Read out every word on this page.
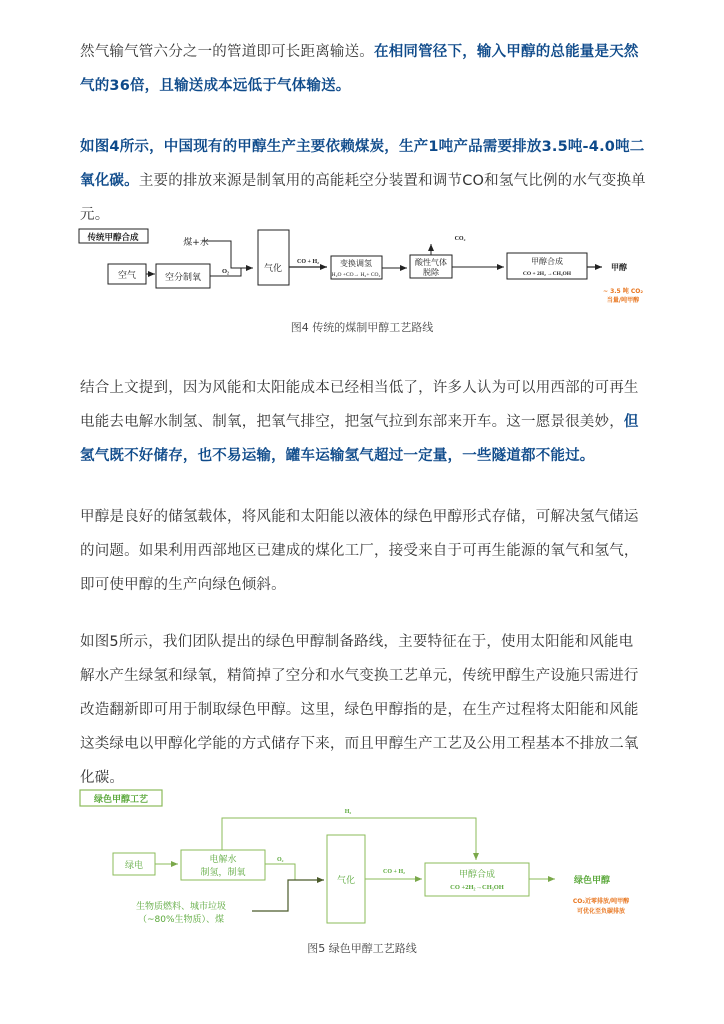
然气输气管六分之一的管道即可长距离输送。在相同管径下，输入甲醇的总能量是天然气的36倍，且输送成本远低于气体输送。
如图4所示，中国现有的甲醇生产主要依赖煤炭，生产1吨产品需要排放3.5吨-4.0吨二氧化碳。主要的排放来源是制氧用的高能耗空分装置和调节CO和氢气比例的水气变换单元。
传统甲醇合成	煤+水
空气	空分制氧
O₂	气化
CO + H₂	变换调氢
H₂O +CO→ H₂+ CO₂
酸性气体
脱除
CO₂
甲醇合成
CO + 2H₂ →CH₃OH
甲醇
~ 3.5 吨 CO₂
当量/吨甲醇
图4 传统的煤制甲醇工艺路线
结合上文提到，因为风能和太阳能成本已经相当低了，许多人认为可以用西部的可再生电能去电解水制氢、制氧，把氧气排空，把氢气拉到东部来开车。这一愿景很美妙，但氢气既不好储存，也不易运输，罐车运输氢气超过一定量，一些隧道都不能过。
甲醇是良好的储氢载体，将风能和太阳能以液体的绿色甲醇形式存储，可解决氢气储运的问题。如果利用西部地区已建成的煤化工厂，接受来自于可再生能源的氧气和氢气，即可使甲醇的生产向绿色倾斜。
如图5所示，我们团队提出的绿色甲醇制备路线，主要特征在于，使用太阳能和风能电解水产生绿氢和绿氧，精简掉了空分和水气变换工艺单元，传统甲醇生产设施只需进行改造翻新即可用于制取绿色甲醇。这里，绿色甲醇指的是，在生产过程将太阳能和风能这类绿电以甲醇化学能的方式储存下来，而且甲醇生产工艺及公用工程基本不排放二氧化碳。
绿色甲醇工艺
H₂
绿电
电解水
制氢，制氧
O₂
生物质燃料、城市垃圾
（~80%生物质）、煤
气化
CO + H₂	甲醇合成
CO +2H₂→CH₃OH
绿色甲醇
CO₂近零排放/吨甲醇
可优化至负碳排放
图5 绿色甲醇工艺路线
